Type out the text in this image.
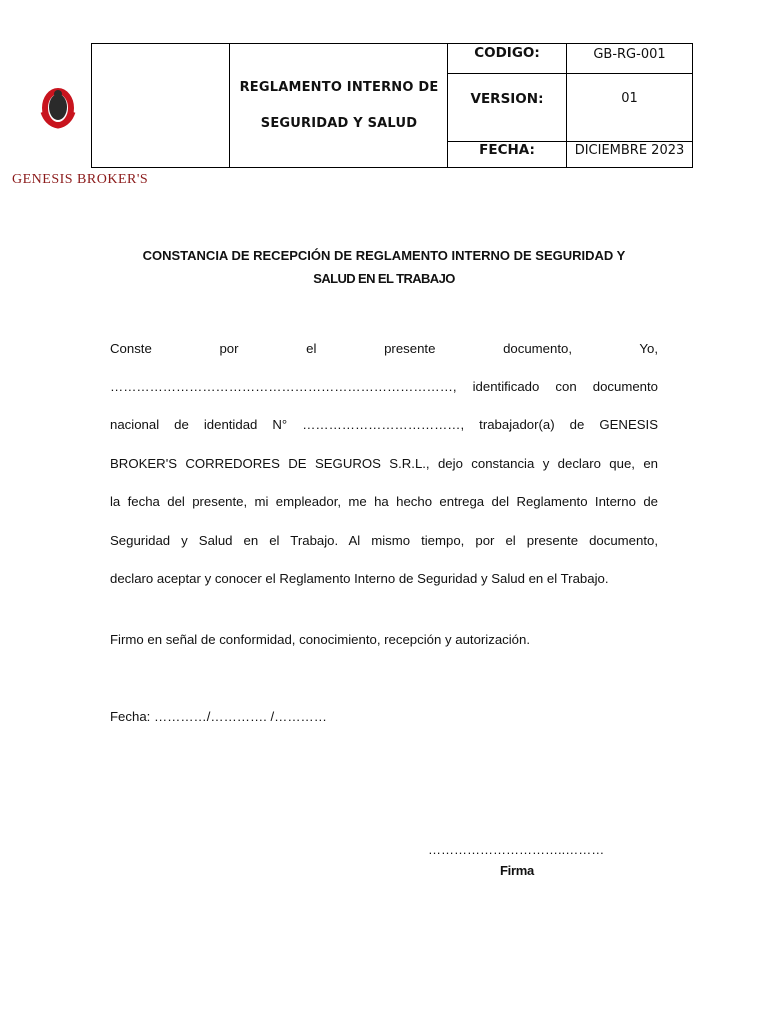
REGLAMENTO INTERNO DE
SEGURIDAD Y SALUD
CODIGO:	GB-RG-001
VERSION:	01
FECHA:	DICIEMBRE 2023
GENESIS BROKER'S
CONSTANCIA DE RECEPCIÓN DE REGLAMENTO INTERNO DE SEGURIDAD Y
SALUD EN EL TRABAJO
Conste por el presente documento, Yo,
……………………………………………………………………, identificado con documento
nacional de identidad N° ………………………………, trabajador(a) de GENESIS
BROKER'S CORREDORES DE SEGUROS S.R.L., dejo constancia y declaro que, en
la fecha del presente, mi empleador, me ha hecho entrega del Reglamento Interno de
Seguridad y Salud en el Trabajo. Al mismo tiempo, por el presente documento,
declaro aceptar y conocer el Reglamento Interno de Seguridad y Salud en el Trabajo.
Firmo en señal de conformidad, conocimiento, recepción y autorización.
Fecha: …………/…………. /…………
…………………………..………
Firma
